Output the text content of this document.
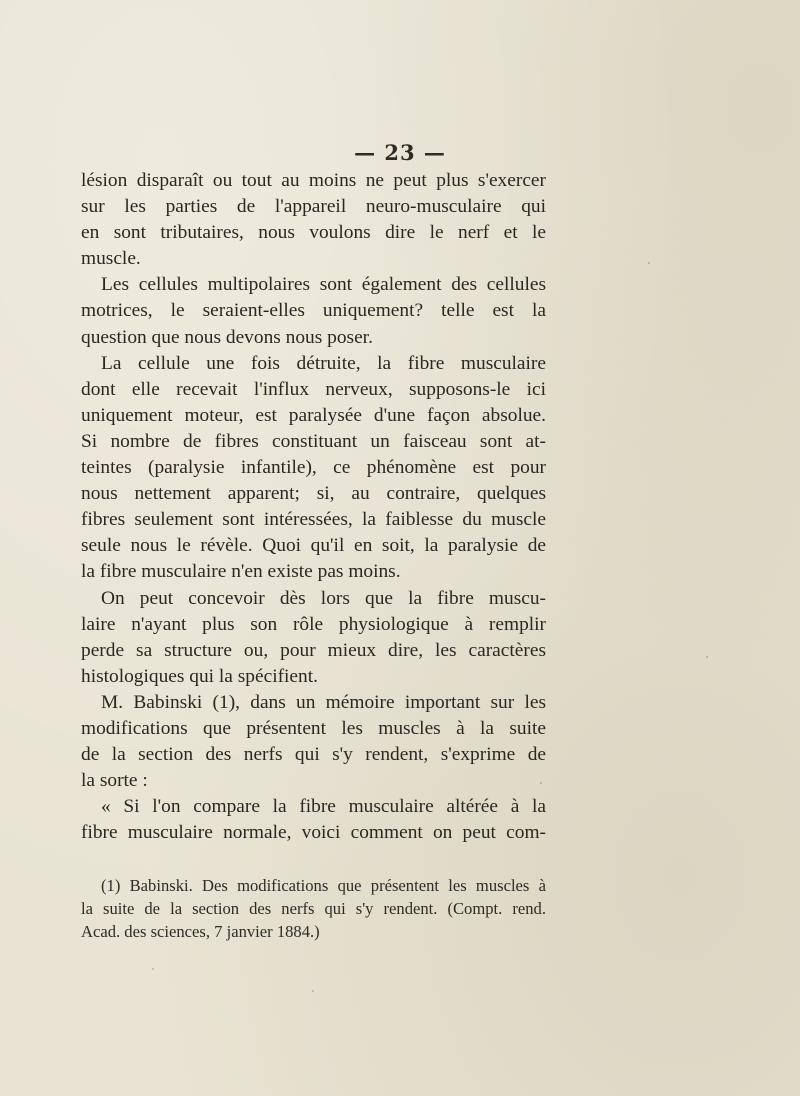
— 23 —
lésion disparaît ou tout au moins ne peut plus s'exercer
sur les parties de l'appareil neuro-musculaire qui
en sont tributaires, nous voulons dire le nerf et le
muscle.
Les cellules multipolaires sont également des cellules
motrices, le seraient-elles uniquement? telle est la
question que nous devons nous poser.
La cellule une fois détruite, la fibre musculaire
dont elle recevait l'influx nerveux, supposons-le ici
uniquement moteur, est paralysée d'une façon absolue.
Si nombre de fibres constituant un faisceau sont at-
teintes (paralysie infantile), ce phénomène est pour
nous nettement apparent; si, au contraire, quelques
fibres seulement sont intéressées, la faiblesse du muscle
seule nous le révèle. Quoi qu'il en soit, la paralysie de
la fibre musculaire n'en existe pas moins.
On peut concevoir dès lors que la fibre muscu-
laire n'ayant plus son rôle physiologique à remplir
perde sa structure ou, pour mieux dire, les caractères
histologiques qui la spécifient.
M. Babinski (1), dans un mémoire important sur les
modifications que présentent les muscles à la suite
de la section des nerfs qui s'y rendent, s'exprime de
la sorte :
« Si l'on compare la fibre musculaire altérée à la
fibre musculaire normale, voici comment on peut com-
(1) Babinski. Des modifications que présentent les muscles à
la suite de la section des nerfs qui s'y rendent. (Compt. rend.
Acad. des sciences, 7 janvier 1884.)
